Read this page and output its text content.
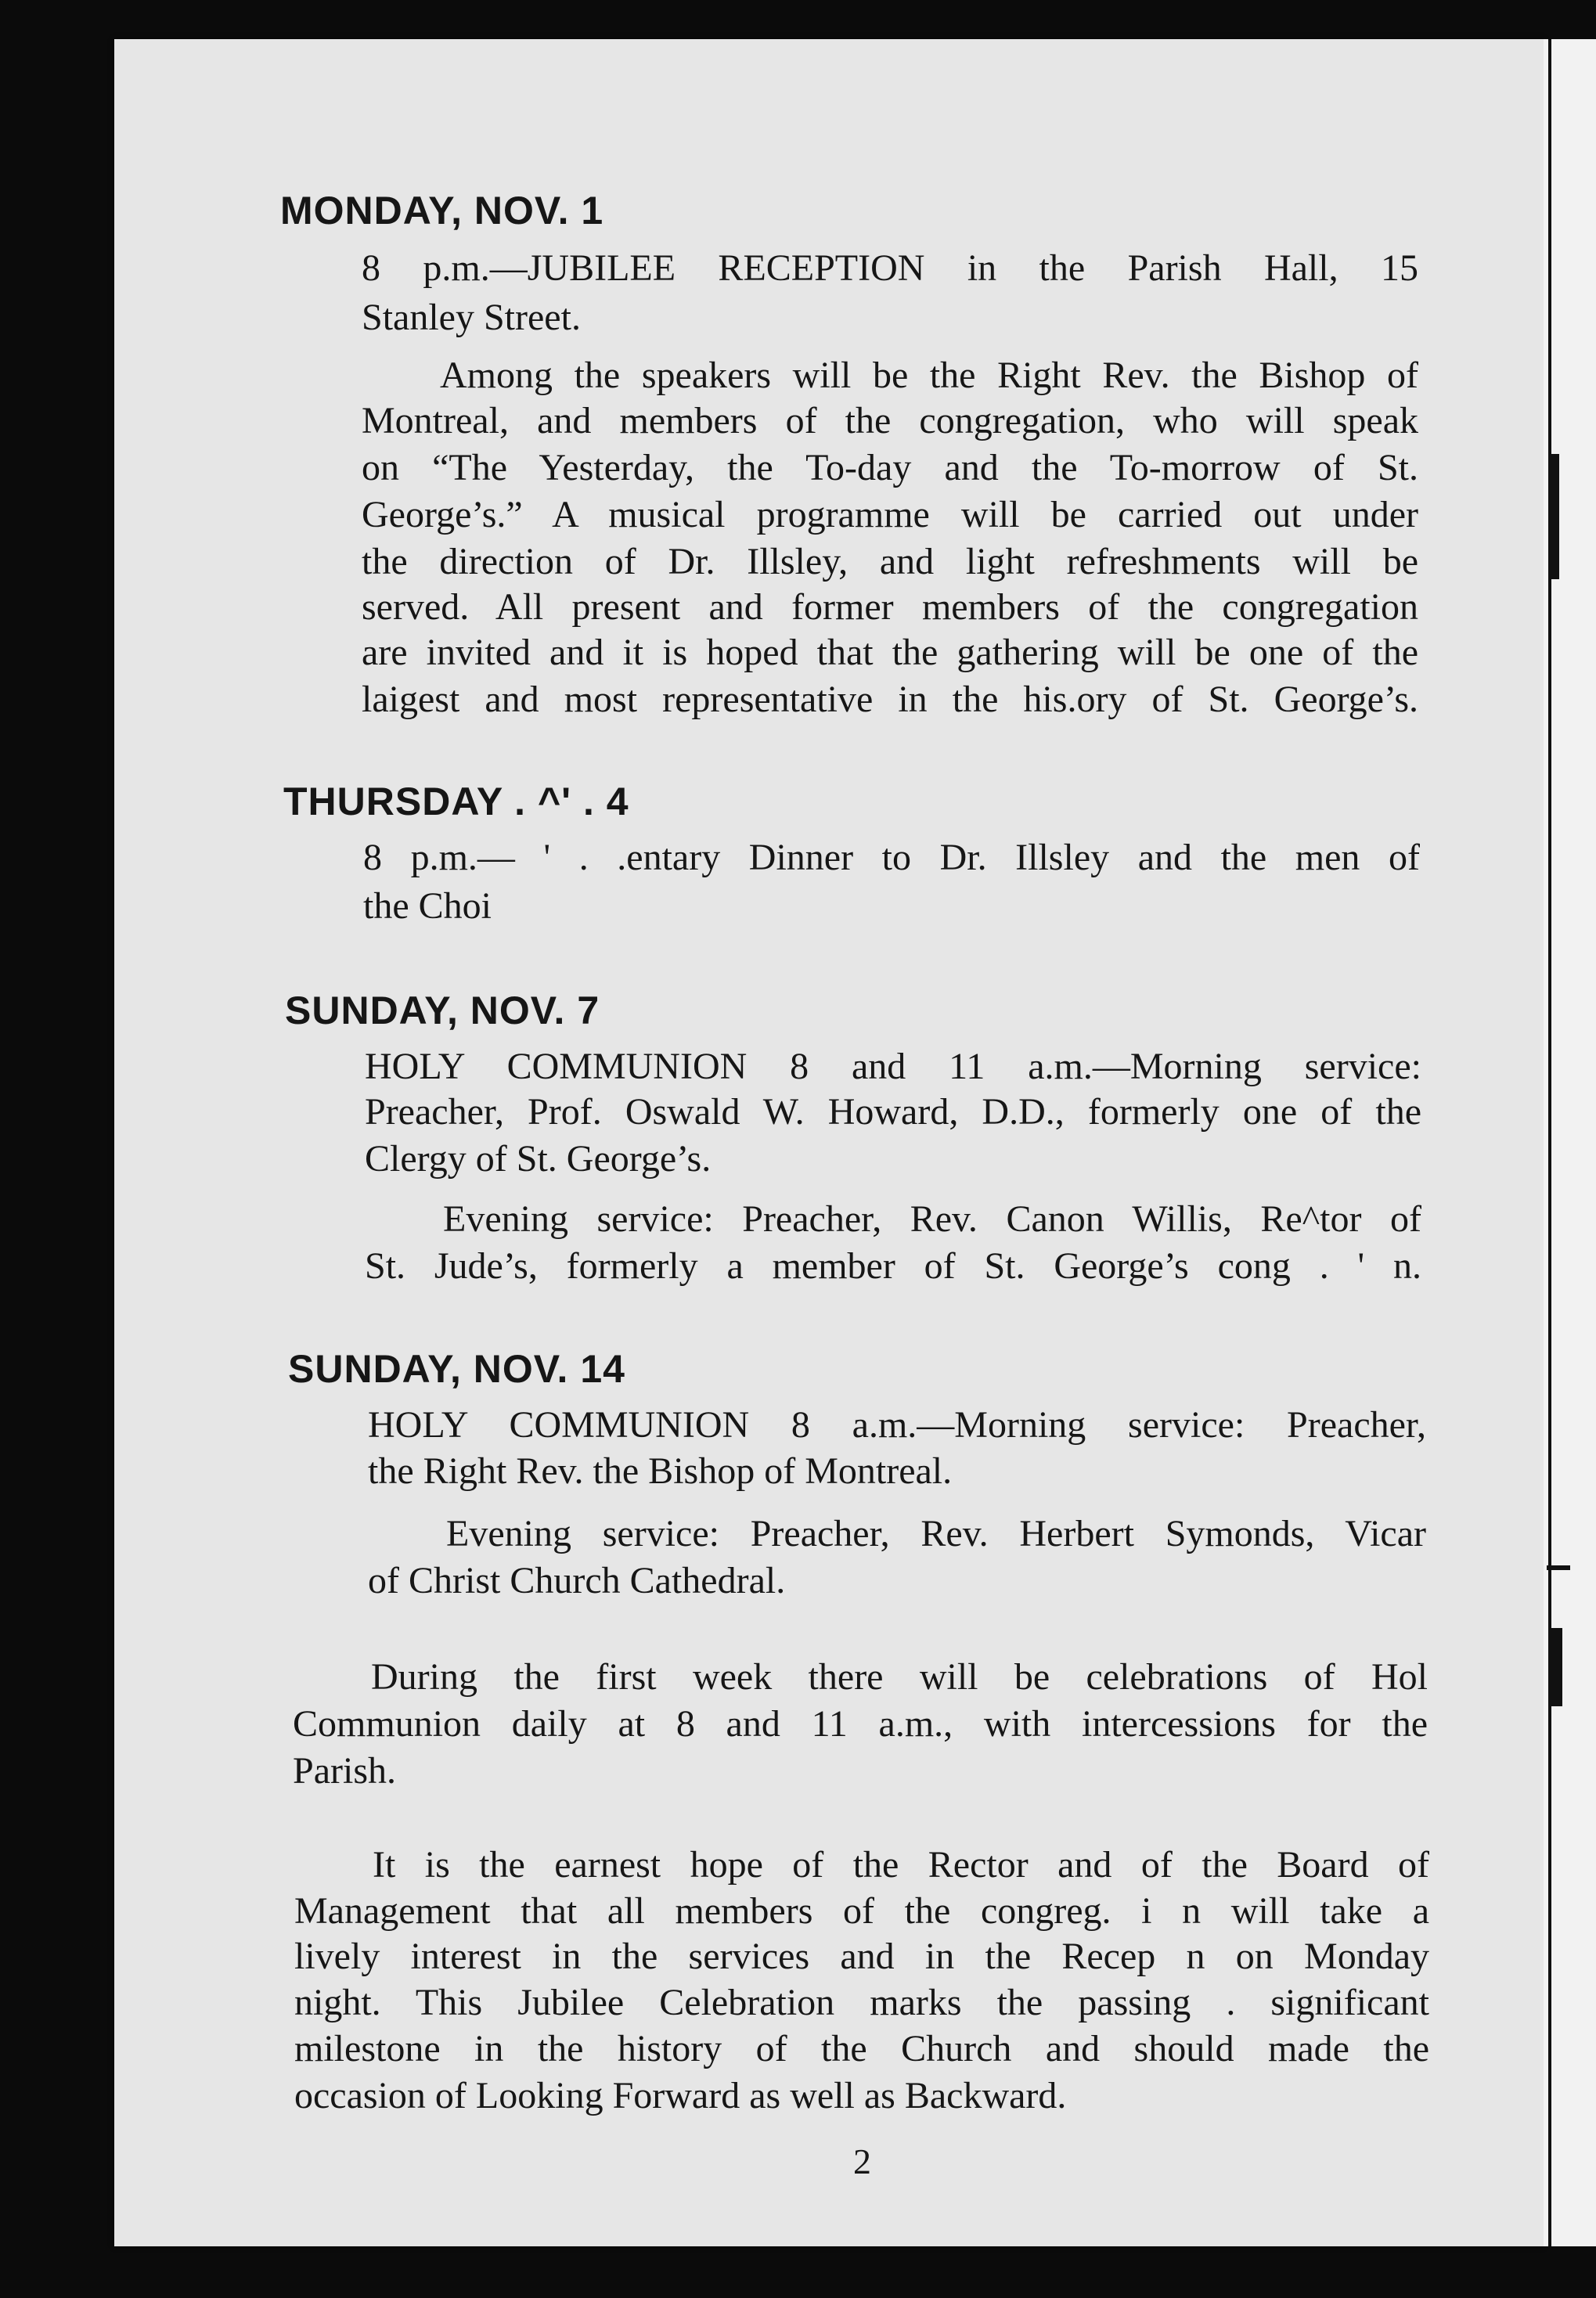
MONDAY, NOV. 1
8 p.m.—JUBILEE RECEPTION in the Parish Hall, 15
Stanley Street.
Among the speakers will be the Right Rev. the Bishop of
Montreal, and members of the congregation, who will speak
on “The Yesterday, the To-day and the To-morrow of St.
George’s.” A musical programme will be carried out under
the direction of Dr. Illsley, and light refreshments will be
served. All present and former members of the congregation
are invited and it is hoped that the gathering will be one of the
laigest and most representative in the his.ory of St. George’s.
THURSDAY . ^' . 4
8 p.m.— ' . .entary Dinner to Dr. Illsley and the men of
the Choi
SUNDAY, NOV. 7
HOLY COMMUNION 8 and 11 a.m.—Morning service:
Preacher, Prof. Oswald W. Howard, D.D., formerly one of the
Clergy of St. George’s.
Evening service: Preacher, Rev. Canon Willis, Re^tor of
St. Jude’s, formerly a member of St. George’s cong . ' n.
SUNDAY, NOV. 14
HOLY COMMUNION 8 a.m.—Morning service: Preacher,
the Right Rev. the Bishop of Montreal.
Evening service: Preacher, Rev. Herbert Symonds, Vicar
of Christ Church Cathedral.
During the first week there will be celebrations of Hol
Communion daily at 8 and 11 a.m., with intercessions for the
Parish.
It is the earnest hope of the Rector and of the Board of
Management that all members of the congreg. i n will take a
lively interest in the services and in the Recep n on Monday
night. This Jubilee Celebration marks the passing . significant
milestone in the history of the Church and should made the
occasion of Looking Forward as well as Backward.
2
